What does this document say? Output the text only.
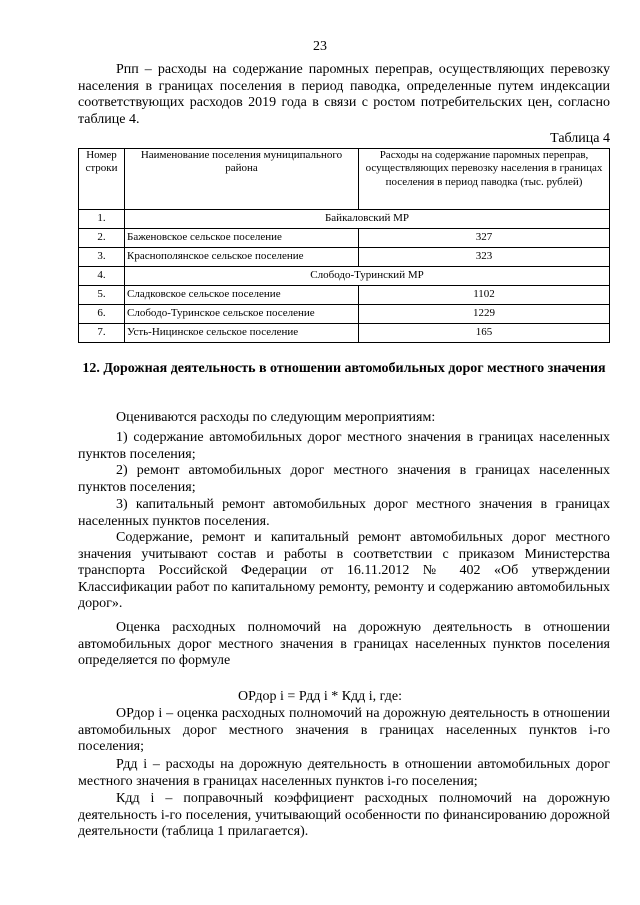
23

Рпп – расходы на содержание паромных переправ, осуществляющих перевозку населения в границах поселения в период паводка, определенные путем индексации соответствующих расходов 2019 года в связи с ростом потребительских цен, согласно таблице 4.

Таблица 4
Номер строки	Наименование поселения муниципального района	Расходы на содержание паромных переправ, осуществляющих перевозку населения в границах поселения в период паводка (тыс. рублей)
1.	Байкаловский МР	
2.	Баженовское сельское поселение	327
3.	Краснополянское сельское поселение	323
4.	Слободо-Туринский МР	
5.	Сладковское сельское поселение	1102
6.	Слободо-Туринское сельское поселение	1229
7.	Усть-Ницинское сельское поселение	165
12. Дорожная деятельность в отношении автомобильных дорог местного значения

Оцениваются расходы по следующим мероприятиям:

1) содержание автомобильных дорог местного значения в границах населенных пунктов поселения;

2) ремонт автомобильных дорог местного значения в границах населенных пунктов поселения;

3) капитальный ремонт автомобильных дорог местного значения в границах населенных пунктов поселения.

Содержание, ремонт и капитальный ремонт автомобильных дорог местного значения учитывают состав и работы в соответствии с приказом Министерства транспорта Российской Федерации от 16.11.2012 № 402 «Об утверждении Классификации работ по капитальному ремонту, ремонту и содержанию автомобильных дорог».

Оценка расходных полномочий на дорожную деятельность в отношении автомобильных дорог местного значения в границах населенных пунктов поселения определяется по формуле

ОРдор i = Рдд i * Кдд i, где:

ОРдор i – оценка расходных полномочий на дорожную деятельность в отношении автомобильных дорог местного значения в границах населенных пунктов i-го поселения;

Рдд i – расходы на дорожную деятельность в отношении автомобильных дорог местного значения в границах населенных пунктов i-го поселения;

Кдд i – поправочный коэффициент расходных полномочий на дорожную деятельность i-го поселения, учитывающий особенности по финансированию дорожной деятельности (таблица 1 прилагается).
